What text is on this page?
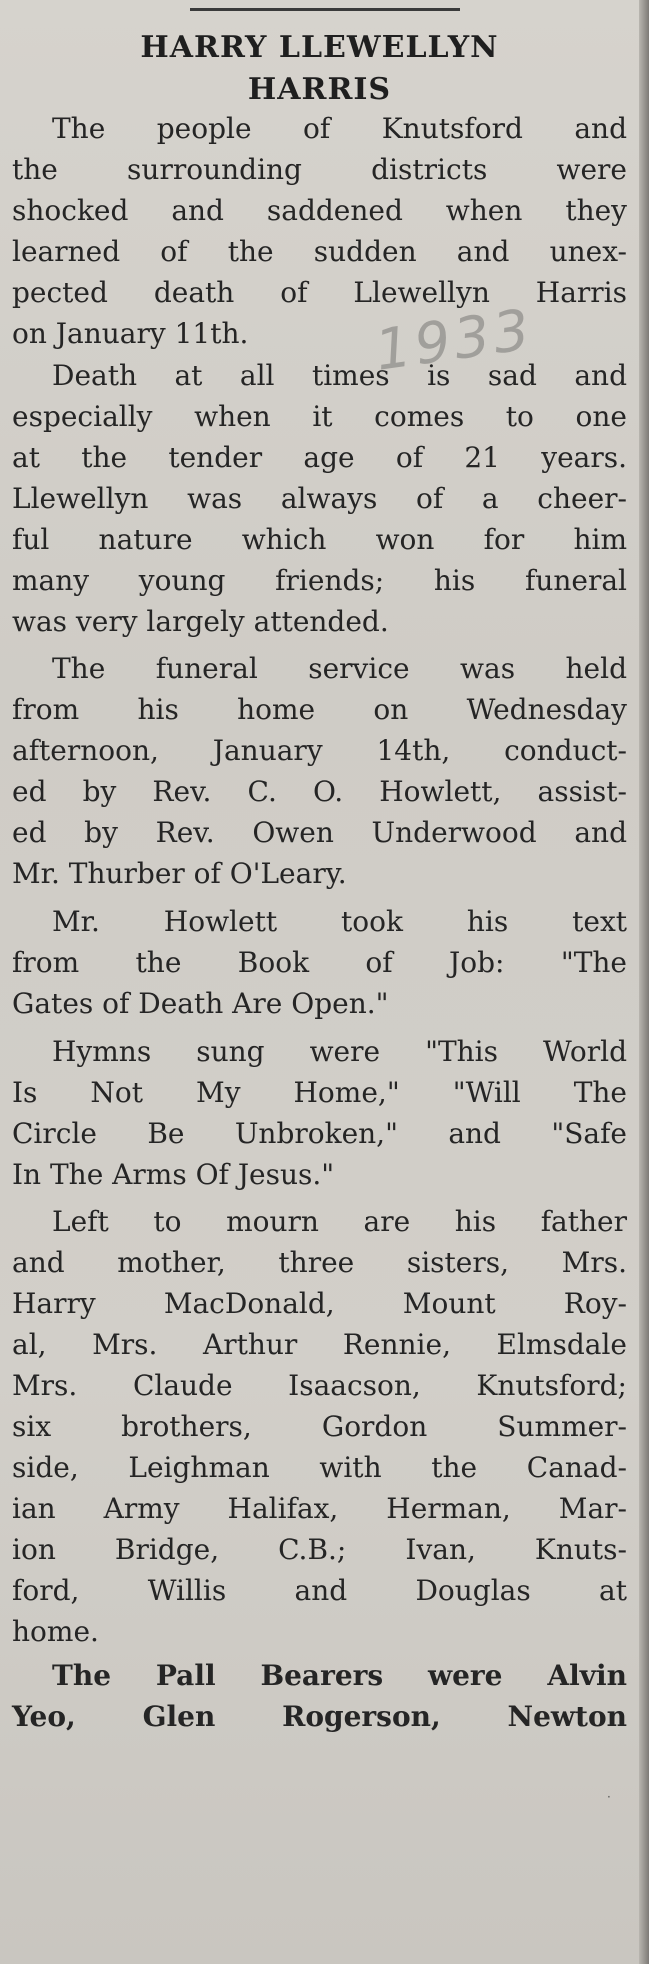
HARRY LLEWELLYN
HARRIS
1933
The people of Knutsford and
the surrounding districts were
shocked and saddened when they
learned of the sudden and unex-
pected death of Llewellyn Harris
on January 11th.
Death at all times is sad and
especially when it comes to one
at the tender age of 21 years.
Llewellyn was always of a cheer-
ful nature which won for him
many young friends; his funeral
was very largely attended.
The funeral service was held
from his home on Wednesday
afternoon, January 14th, conduct-
ed by Rev. C. O. Howlett, assist-
ed by Rev. Owen Underwood and
Mr. Thurber of O'Leary.
Mr. Howlett took his text
from the Book of Job: "The
Gates of Death Are Open."
Hymns sung were "This World
Is Not My Home," "Will The
Circle Be Unbroken," and "Safe
In The Arms Of Jesus."
Left to mourn are his father
and mother, three sisters, Mrs.
Harry MacDonald, Mount Roy-
al, Mrs. Arthur Rennie, Elmsdale
Mrs. Claude Isaacson, Knutsford;
six brothers, Gordon Summer-
side, Leighman with the Canad-
ian Army Halifax, Herman, Mar-
ion Bridge, C.B.; Ivan, Knuts-
ford, Willis and Douglas at
home.
The Pall Bearers were Alvin
Yeo, Glen Rogerson, Newton
·
